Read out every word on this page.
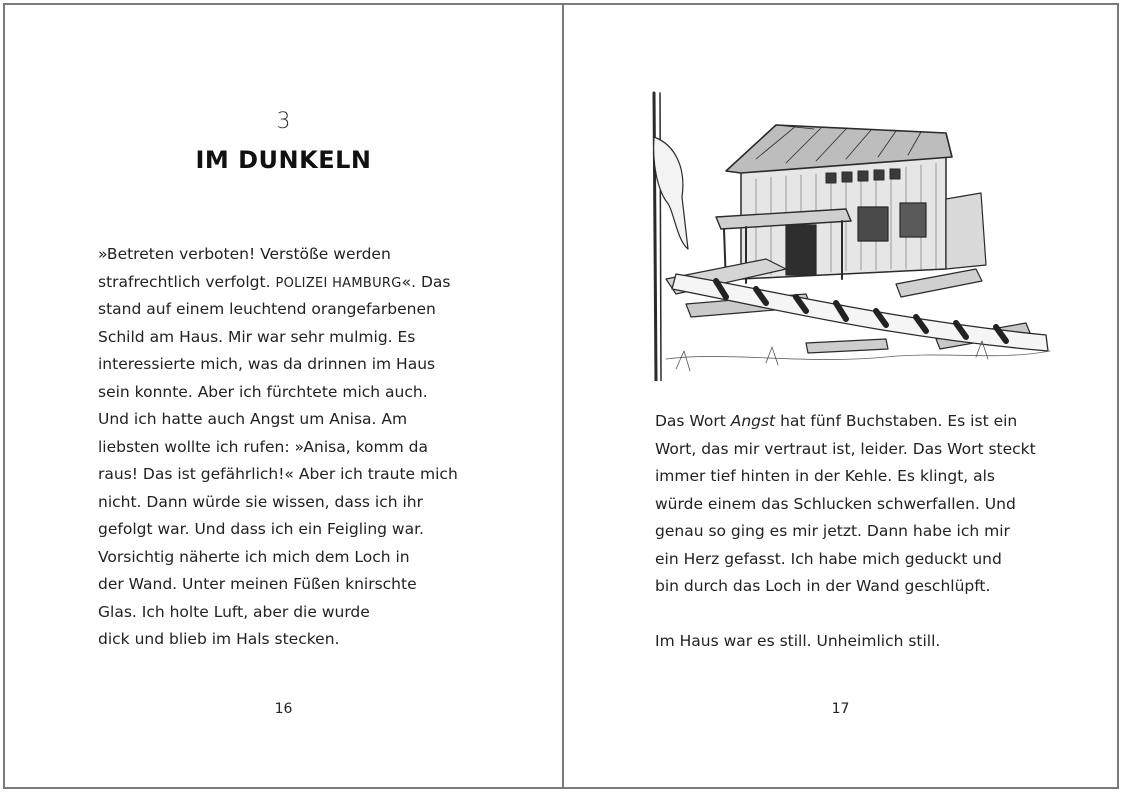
3
IM DUNKELN
»Betreten verboten! Verstöße werden
strafrechtlich verfolgt. POLIZEI HAMBURG«. Das
stand auf einem leuchtend orangefarbenen
Schild am Haus. Mir war sehr mulmig. Es
interessierte mich, was da drinnen im Haus
sein konnte. Aber ich fürchtete mich auch.
Und ich hatte auch Angst um Anisa. Am
liebsten wollte ich rufen: »Anisa, komm da
raus! Das ist gefährlich!« Aber ich traute mich
nicht. Dann würde sie wissen, dass ich ihr
gefolgt war. Und dass ich ein Feigling war.
Vorsichtig näherte ich mich dem Loch in
der Wand. Unter meinen Füßen knirschte
Glas. Ich holte Luft, aber die wurde
dick und blieb im Hals stecken.
16
Das Wort Angst hat fünf Buchstaben. Es ist ein
Wort, das mir vertraut ist, leider. Das Wort steckt
immer tief hinten in der Kehle. Es klingt, als
würde einem das Schlucken schwerfallen. Und
genau so ging es mir jetzt. Dann habe ich mir
ein Herz gefasst. Ich habe mich geduckt und
bin durch das Loch in der Wand geschlüpft.
Im Haus war es still. Unheimlich still.
17
